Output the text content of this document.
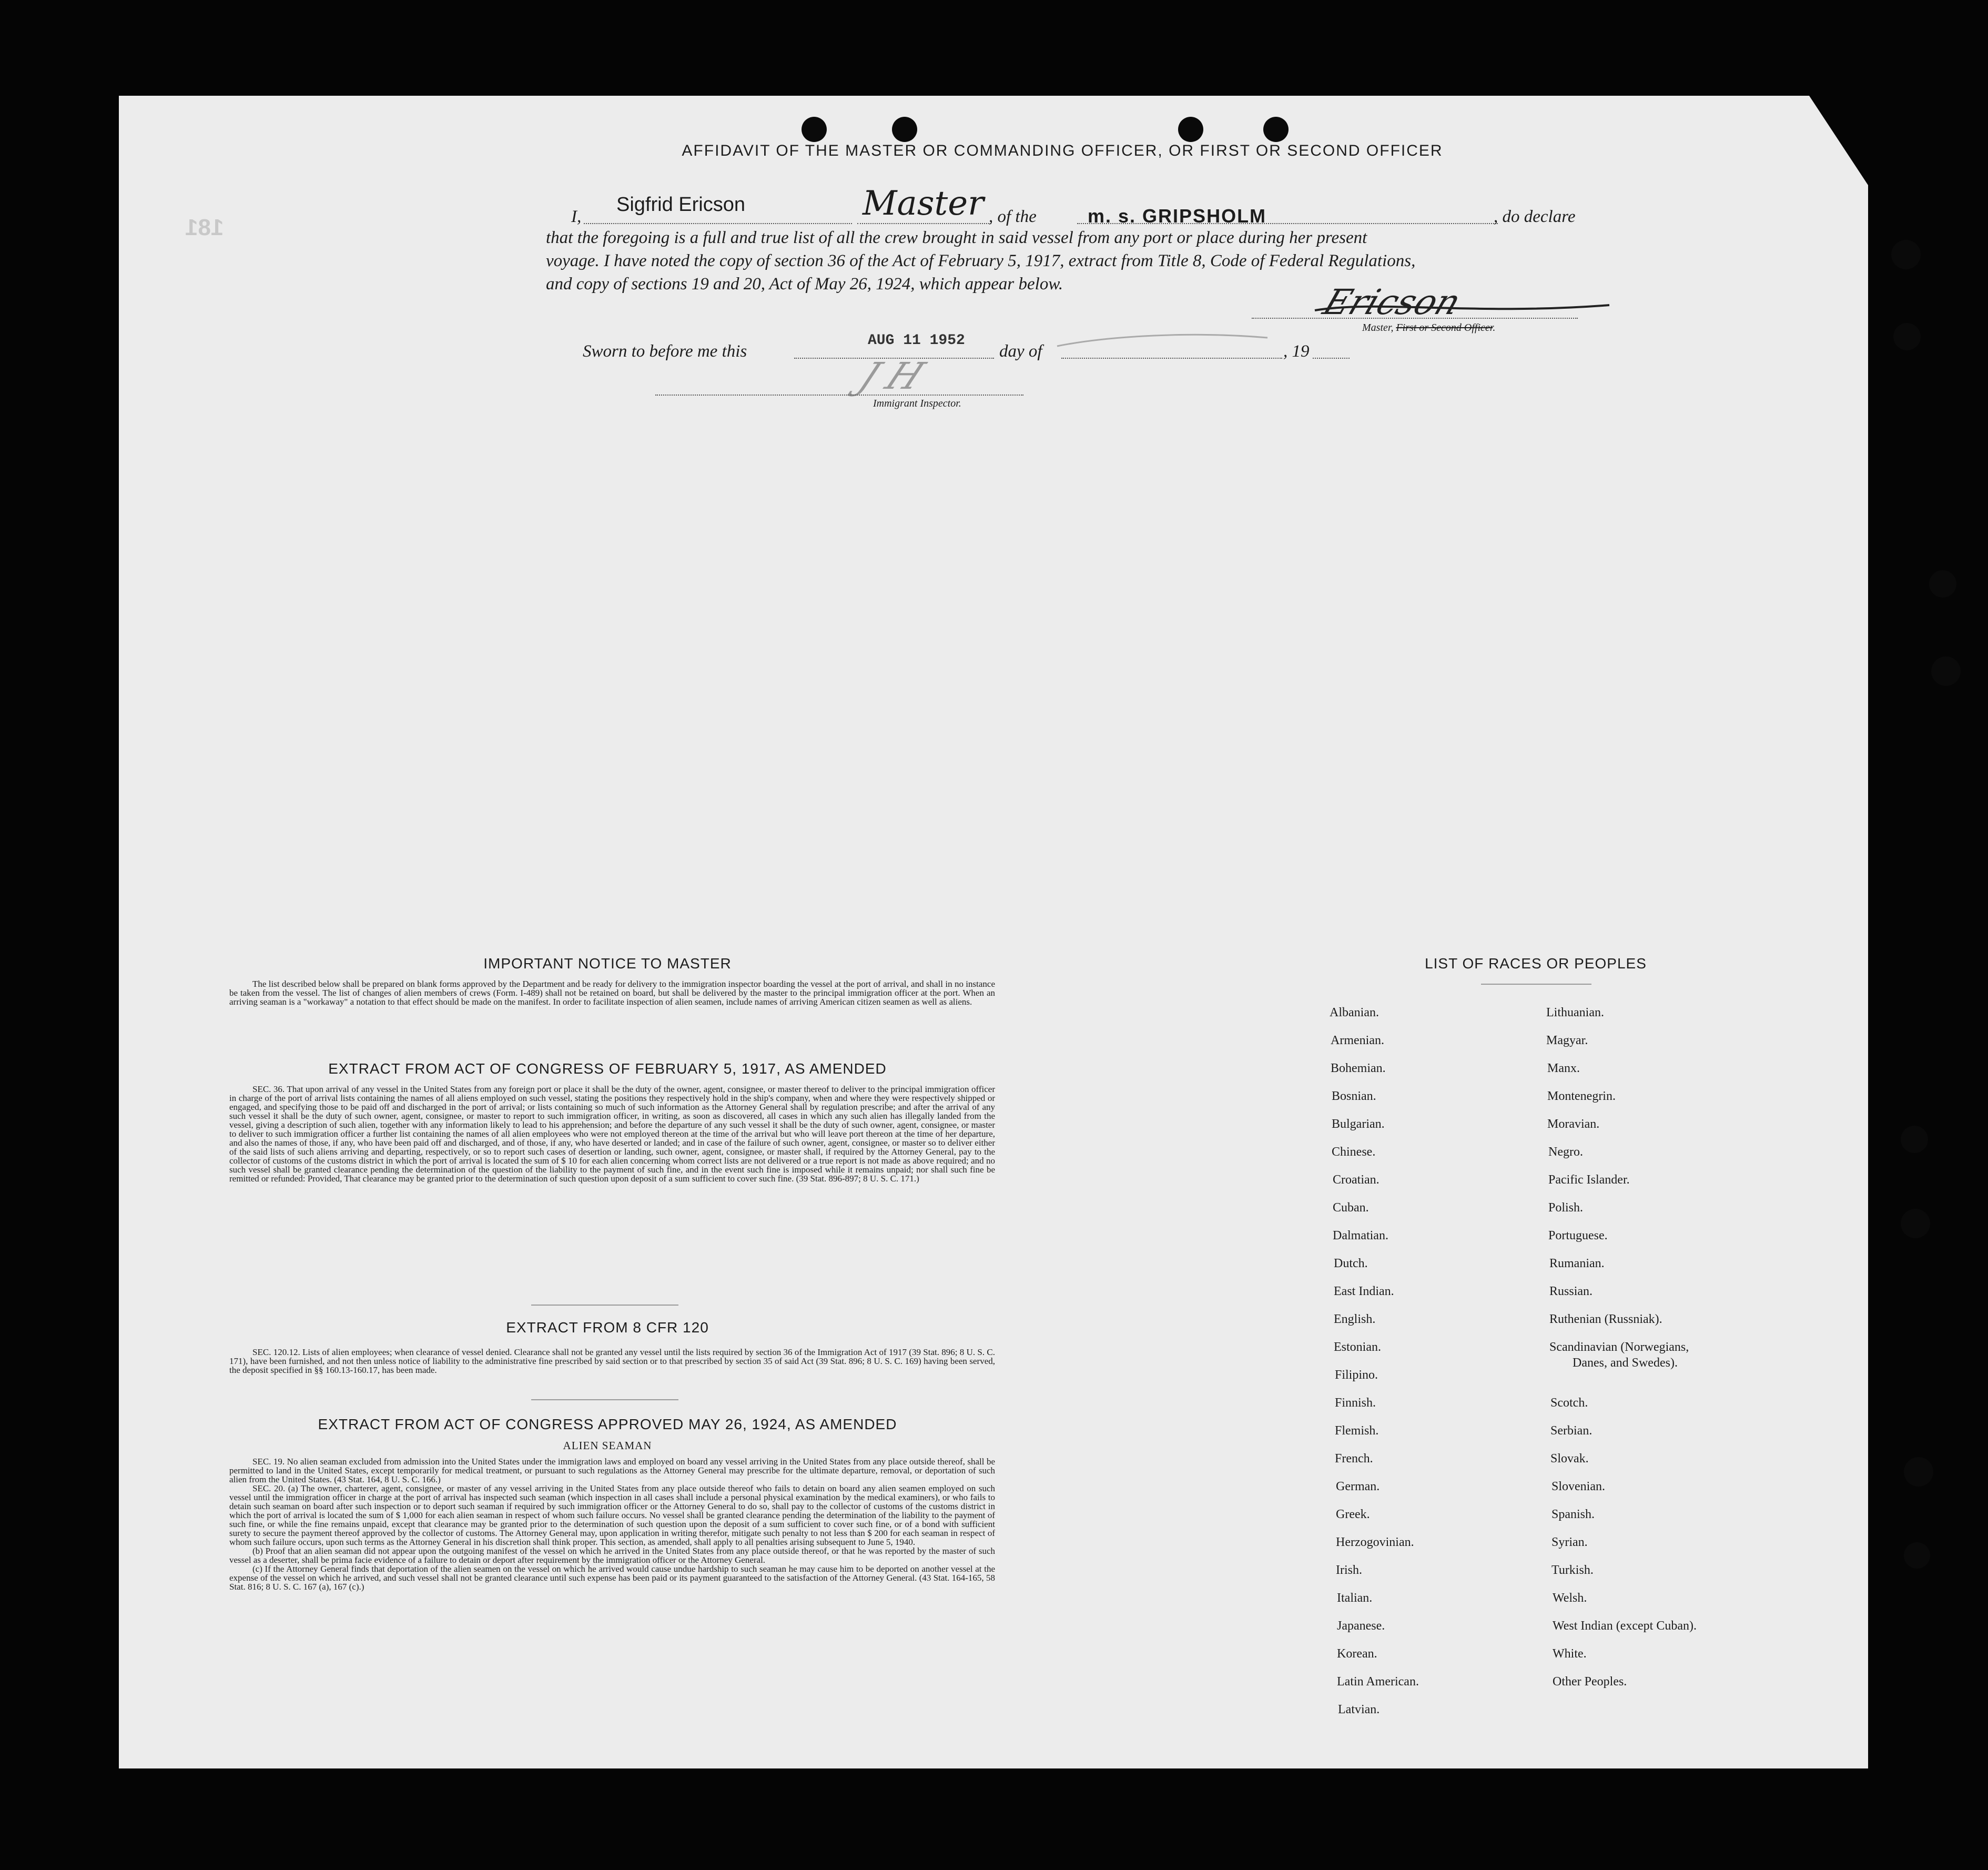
181
AFFIDAVIT OF THE MASTER OR COMMANDING OFFICER, OR FIRST OR SECOND OFFICER
I,
Sigfrid Ericson	Master , of the	m. s. GRIPSHOLM	, do declare
that the foregoing is a full and true list of all the crew brought in said vessel from any port or place during her present
voyage. I have noted the copy of section 36 of the Act of February 5, 1917, extract from Title 8, Code of Federal Regulations,
and copy of sections 19 and 20, Act of May 26, 1924, which appear below.	Ericson
Master, First or Second Officer.
Sworn to before me this
AUG 11 1952
day of	, 19
J H
Immigrant Inspector.
IMPORTANT NOTICE TO MASTER

The list described below shall be prepared on blank forms approved by the Department and be ready for delivery to the immigration inspector boarding the vessel at the port of arrival, and shall in no instance be taken from the vessel. The list of changes of alien members of crews (Form. I-489) shall not be retained on board, but shall be delivered by the master to the principal immigration officer at the port. When an arriving seaman is a "workaway" a notation to that effect should be made on the manifest. In order to facilitate inspection of alien seamen, include names of arriving American citizen seamen as well as aliens.

EXTRACT FROM ACT OF CONGRESS OF FEBRUARY 5, 1917, AS AMENDED

SEC. 36. That upon arrival of any vessel in the United States from any foreign port or place it shall be the duty of the owner, agent, consignee, or master thereof to deliver to the principal immigration officer in charge of the port of arrival lists containing the names of all aliens employed on such vessel, stating the positions they respectively hold in the ship's company, when and where they were respectively shipped or engaged, and specifying those to be paid off and discharged in the port of arrival; or lists containing so much of such information as the Attorney General shall by regulation prescribe; and after the arrival of any such vessel it shall be the duty of such owner, agent, consignee, or master to report to such immigration officer, in writing, as soon as discovered, all cases in which any such alien has illegally landed from the vessel, giving a description of such alien, together with any information likely to lead to his apprehension; and before the departure of any such vessel it shall be the duty of such owner, agent, consignee, or master to deliver to such immigration officer a further list containing the names of all alien employees who were not employed thereon at the time of the arrival but who will leave port thereon at the time of her departure, and also the names of those, if any, who have been paid off and discharged, and of those, if any, who have deserted or landed; and in case of the failure of such owner, agent, consignee, or master so to deliver either of the said lists of such aliens arriving and departing, respectively, or so to report such cases of desertion or landing, such owner, agent, consignee, or master shall, if required by the Attorney General, pay to the collector of customs of the customs district in which the port of arrival is located the sum of $ 10 for each alien concerning whom correct lists are not delivered or a true report is not made as above required; and no such vessel shall be granted clearance pending the determination of the question of the liability to the payment of such fine, and in the event such fine is imposed while it remains unpaid; nor shall such fine be remitted or refunded: Provided, That clearance may be granted prior to the determination of such question upon deposit of a sum sufficient to cover such fine. (39 Stat. 896-897; 8 U. S. C. 171.)

EXTRACT FROM 8 CFR 120

SEC. 120.12. Lists of alien employees; when clearance of vessel denied. Clearance shall not be granted any vessel until the lists required by section 36 of the Immigration Act of 1917 (39 Stat. 896; 8 U. S. C. 171), have been furnished, and not then unless notice of liability to the administrative fine prescribed by said section or to that prescribed by section 35 of said Act (39 Stat. 896; 8 U. S. C. 169) having been served, the deposit specified in §§ 160.13-160.17, has been made.

EXTRACT FROM ACT OF CONGRESS APPROVED MAY 26, 1924, AS AMENDED
ALIEN SEAMAN

SEC. 19. No alien seaman excluded from admission into the United States under the immigration laws and employed on board any vessel arriving in the United States from any place outside thereof, shall be permitted to land in the United States, except temporarily for medical treatment, or pursuant to such regulations as the Attorney General may prescribe for the ultimate departure, removal, or deportation of such alien from the United States. (43 Stat. 164, 8 U. S. C. 166.)

SEC. 20. (a) The owner, charterer, agent, consignee, or master of any vessel arriving in the United States from any place outside thereof who fails to detain on board any alien seamen employed on such vessel until the immigration officer in charge at the port of arrival has inspected such seaman (which inspection in all cases shall include a personal physical examination by the medical examiners), or who fails to detain such seaman on board after such inspection or to deport such seaman if required by such immigration officer or the Attorney General to do so, shall pay to the collector of customs of the customs district in which the port of arrival is located the sum of $ 1,000 for each alien seaman in respect of whom such failure occurs. No vessel shall be granted clearance pending the determination of the liability to the payment of such fine, or while the fine remains unpaid, except that clearance may be granted prior to the determination of such question upon the deposit of a sum sufficient to cover such fine, or of a bond with sufficient surety to secure the payment thereof approved by the collector of customs. The Attorney General may, upon application in writing therefor, mitigate such penalty to not less than $ 200 for each seaman in respect of whom such failure occurs, upon such terms as the Attorney General in his discretion shall think proper. This section, as amended, shall apply to all penalties arising subsequent to June 5, 1940.

(b) Proof that an alien seaman did not appear upon the outgoing manifest of the vessel on which he arrived in the United States from any place outside thereof, or that he was reported by the master of such vessel as a deserter, shall be prima facie evidence of a failure to detain or deport after requirement by the immigration officer or the Attorney General.

(c) If the Attorney General finds that deportation of the alien seamen on the vessel on which he arrived would cause undue hardship to such seaman he may cause him to be deported on another vessel at the expense of the vessel on which he arrived, and such vessel shall not be granted clearance until such expense has been paid or its payment guaranteed to the satisfaction of the Attorney General. (43 Stat. 164-165, 58 Stat. 816; 8 U. S. C. 167 (a), 167 (c).)

LIST OF RACES OR PEOPLES
Albanian.
Armenian.
Bohemian.
Bosnian.
Bulgarian.
Chinese.
Croatian.
Cuban.
Dalmatian.
Dutch.
East Indian.
English.
Estonian.
Filipino.
Finnish.
Flemish.
French.
German.
Greek.
Herzogovinian.
Irish.
Italian.
Japanese.
Korean.
Latin American.
Latvian.
Lithuanian.
Magyar.
Manx.
Montenegrin.
Moravian.
Negro.
Pacific Islander.
Polish.
Portuguese.
Rumanian.
Russian.
Ruthenian (Russniak).
Scandinavian (Norwegians,
Danes, and Swedes).
Scotch.
Serbian.
Slovak.
Slovenian.
Spanish.
Syrian.
Turkish.
Welsh.
West Indian (except Cuban).
White.
Other Peoples.
